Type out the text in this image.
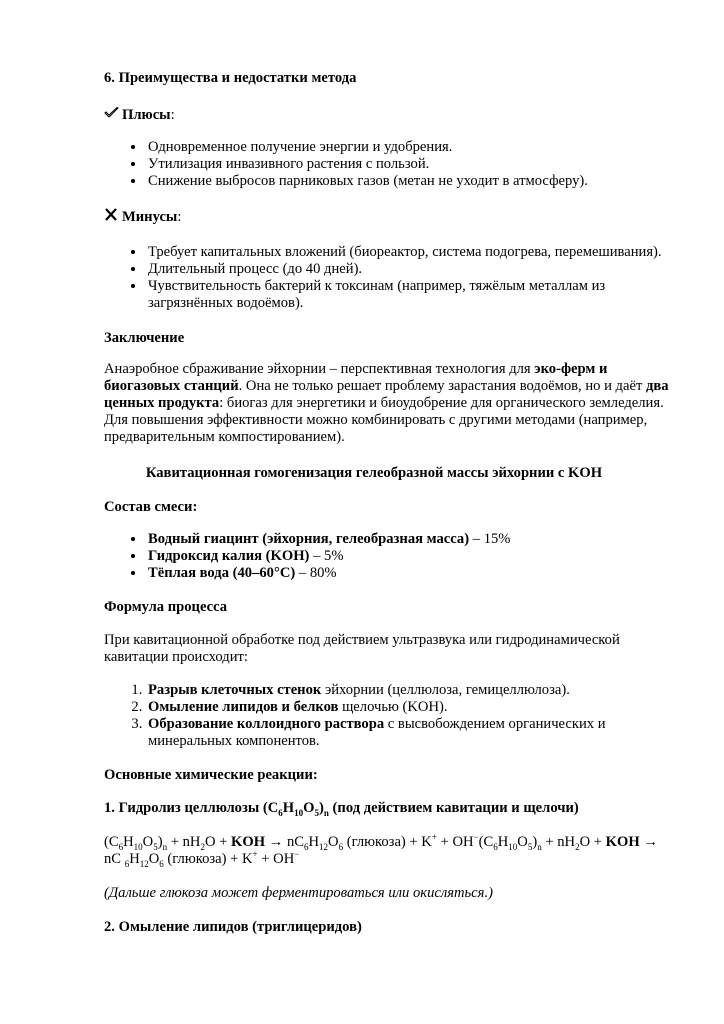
6. Преимущества и недостатки метода
Плюсы:
• Одновременное получение энергии и удобрения.
• Утилизация инвазивного растения с пользой.
• Снижение выбросов парниковых газов (метан не уходит в атмосферу).
Минусы:
• Требует капитальных вложений (биореактор, система подогрева, перемешивания).
• Длительный процесс (до 40 дней).
• Чувствительность бактерий к токсинам (например, тяжёлым металлам из загрязнённых водоёмов).
Заключение

Анаэробное сбраживание эйхорнии – перспективная технология для эко-ферм и биогазовых станций. Она не только решает проблему зарастания водоёмов, но и даёт два ценных продукта: биогаз для энергетики и биоудобрение для органического земледелия. Для повышения эффективности можно комбинировать с другими методами (например, предварительным компостированием).

Кавитационная гомогенизация гелеобразной массы эйхорнии с KOH
Состав смеси:
• Водный гиацинт (эйхорния, гелеобразная масса) – 15%
• Гидроксид калия (KOH) – 5%
• Тёплая вода (40–60°C) – 80%
Формула процесса

При кавитационной обработке под действием ультразвука или гидродинамической кавитации происходит:

1. Разрыв клеточных стенок эйхорнии (целлюлоза, гемицеллюлоза).
2. Омыление липидов и белков щелочью (KOH).
3. Образование коллоидного раствора с высвобождением органических и минеральных компонентов.
Основные химические реакции:
1. Гидролиз целлюлозы $(C_6H_{10}O_5)_n$ (под действием кавитации и щелочи)
$(C_6H_{10}O_5)_n + nH_2O$ + KOH → $nC_6H_{12}O_6$ (глюкоза) + $K^+ + OH^-(C_6H_{10}O_5)_n + nH_2O$ + KOH → nC $_6H_{12}O_6$ (глюкоза) + K+ + OH−
(Дальше глюкоза может ферментироваться или окисляться.)
2. Омыление липидов (триглицеридов)
